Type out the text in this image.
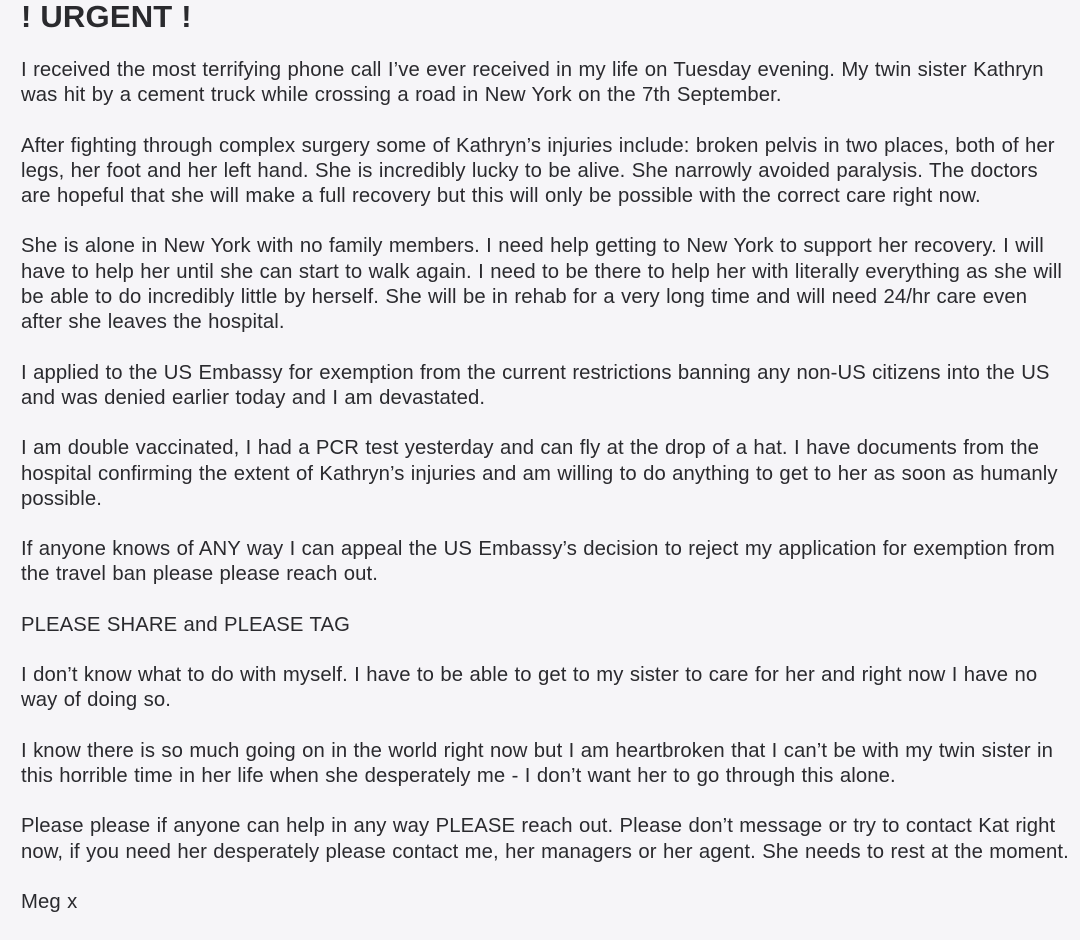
! URGENT !

I received the most terrifying phone call I’ve ever received in my life on Tuesday evening. My twin sister Kathryn was hit by a cement truck while crossing a road in New York on the 7th September.

After fighting through complex surgery some of Kathryn’s injuries include: broken pelvis in two places, both of her legs, her foot and her left hand. She is incredibly lucky to be alive. She narrowly avoided paralysis. The doctors are hopeful that she will make a full recovery but this will only be possible with the correct care right now.

She is alone in New York with no family members. I need help getting to New York to support her recovery. I will have to help her until she can start to walk again. I need to be there to help her with literally everything as she will be able to do incredibly little by herself. She will be in rehab for a very long time and will need 24/hr care even after she leaves the hospital.

I applied to the US Embassy for exemption from the current restrictions banning any non-US citizens into the US and was denied earlier today and I am devastated.

I am double vaccinated, I had a PCR test yesterday and can fly at the drop of a hat. I have documents from the hospital confirming the extent of Kathryn’s injuries and am willing to do anything to get to her as soon as humanly possible.

If anyone knows of ANY way I can appeal the US Embassy’s decision to reject my application for exemption from the travel ban please please reach out.

PLEASE SHARE and PLEASE TAG

I don’t know what to do with myself. I have to be able to get to my sister to care for her and right now I have no way of doing so.

I know there is so much going on in the world right now but I am heartbroken that I can’t be with my twin sister in this horrible time in her life when she desperately me - I don’t want her to go through this alone.

Please please if anyone can help in any way PLEASE reach out. Please don’t message or try to contact Kat right now, if you need her desperately please contact me, her managers or her agent. She needs to rest at the moment.

Meg x
